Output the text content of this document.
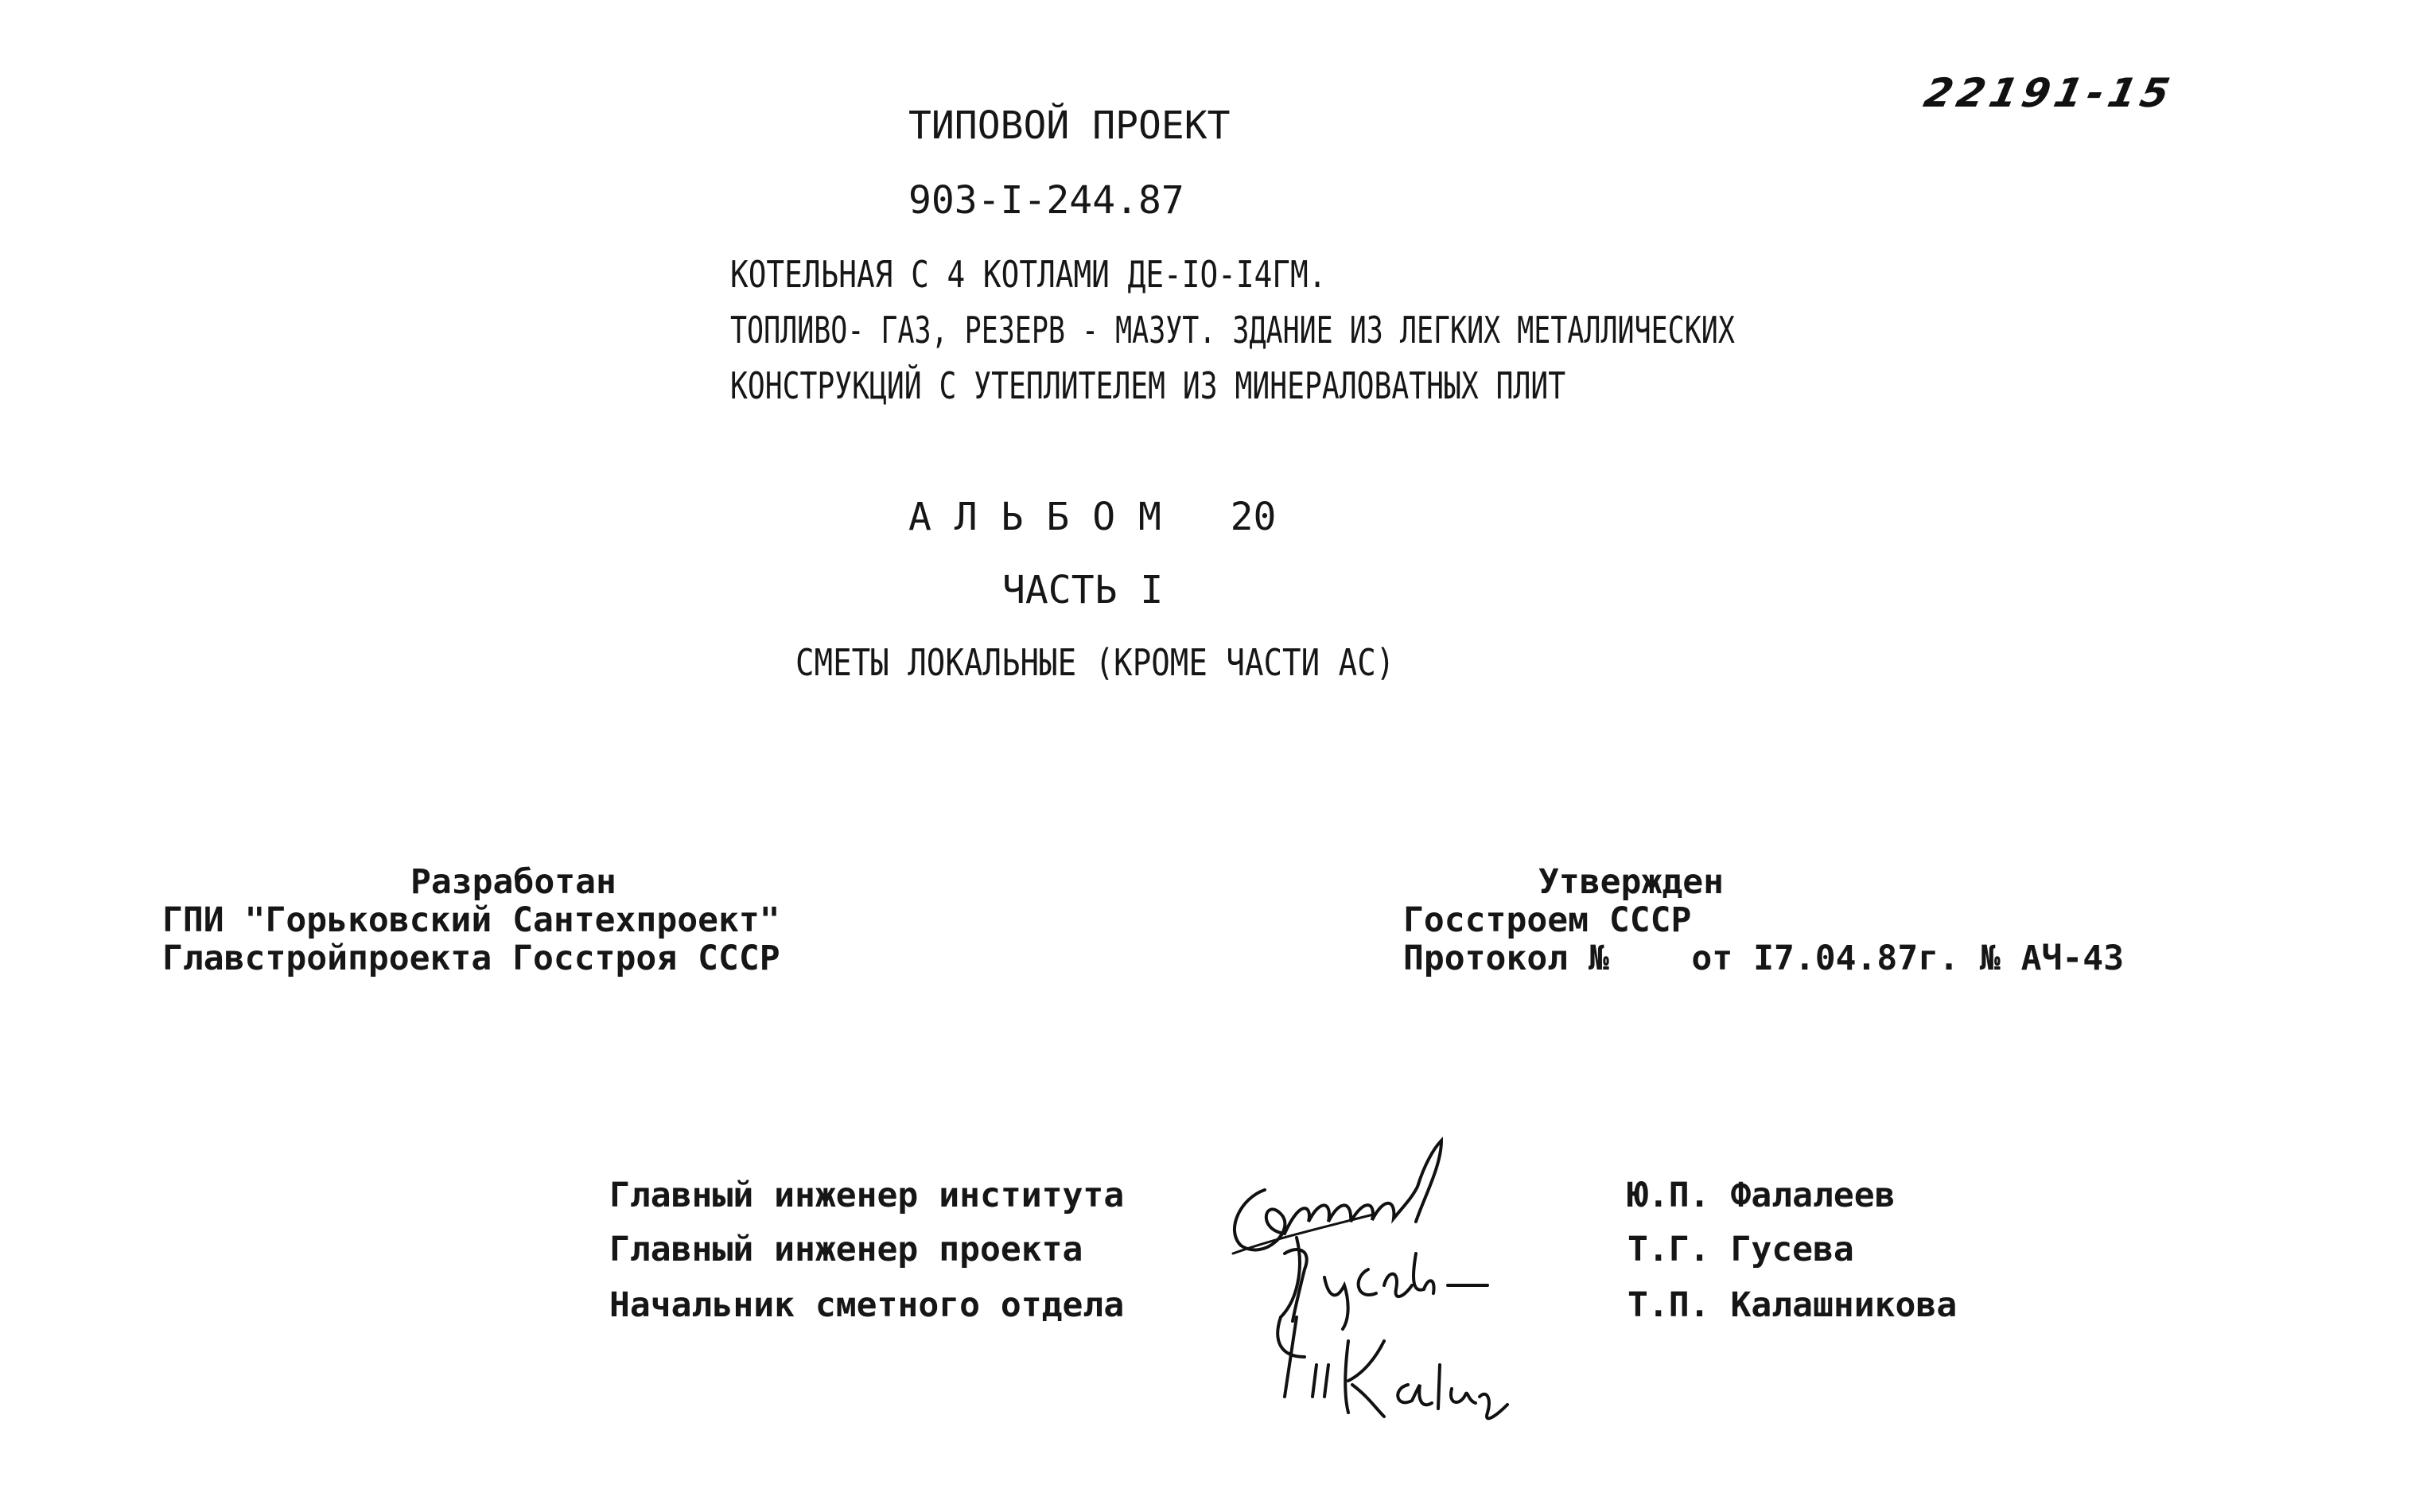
22191-15
ТИПОВОЙ ПРОЕКТ
903-I-244.87
КОТЕЛЬНАЯ С 4 КОТЛАМИ ДЕ-IO-I4ГМ.
ТОПЛИВО- ГАЗ, РЕЗЕРВ - МАЗУТ. ЗДАНИЕ ИЗ ЛЕГКИХ МЕТАЛЛИЧЕСКИХ
КОНСТРУКЦИЙ С УТЕПЛИТЕЛЕМ ИЗ МИНЕРАЛОВАТНЫХ ПЛИТ
А Л Ь Б О М   20
ЧАСТЬ I
СМЕТЫ ЛОКАЛЬНЫЕ (КРОМЕ ЧАСТИ АС)
Разработан
ГПИ "Горьковский Сантехпроект"
Главстройпроекта Госстроя СССР
Утвержден
Госстроем СССР
Протокол №    от I7.04.87г. № АЧ-43
Главный инженер института
Главный инженер проекта
Начальник сметного отдела
Ю.П. Фалалеев
Т.Г. Гусева
Т.П. Калашникова
